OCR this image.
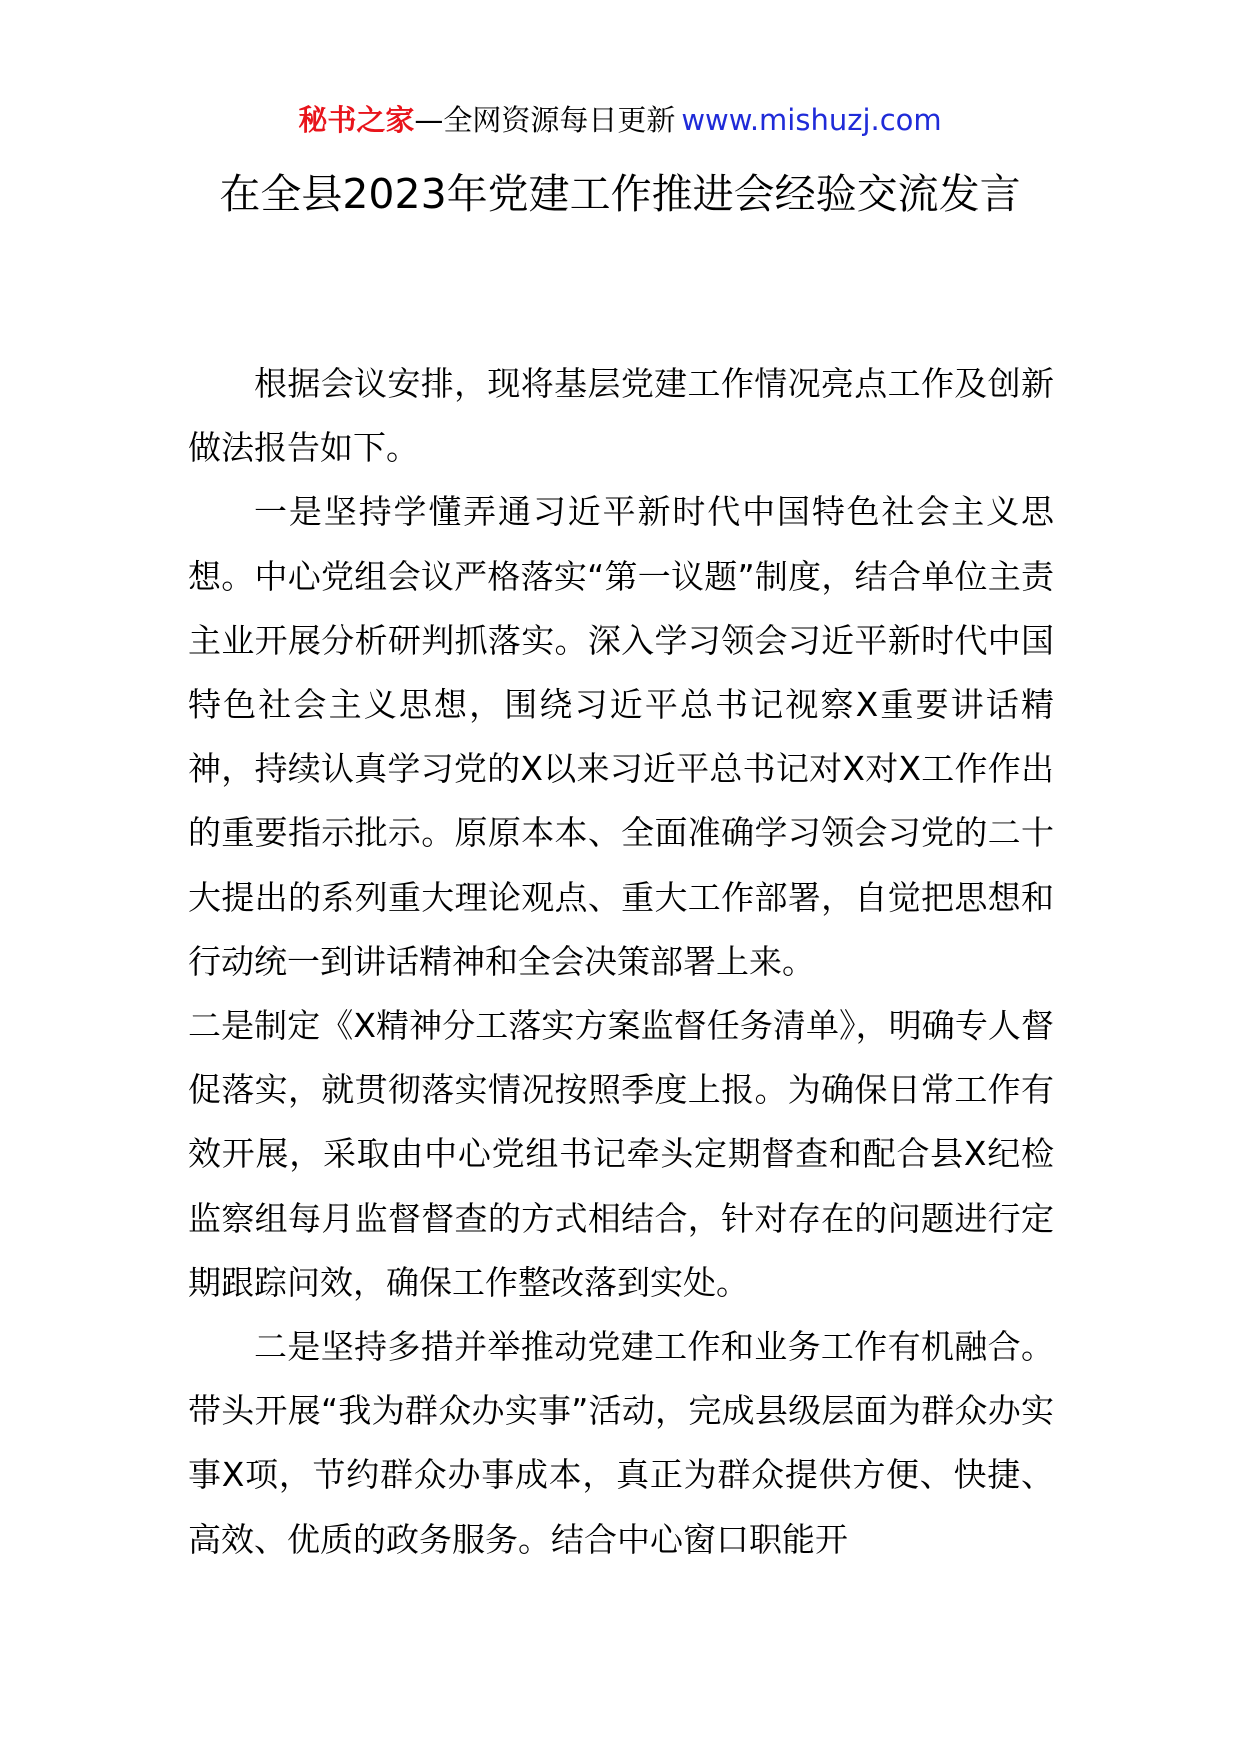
秘书之家—全网资源每日更新 www.mishuzj.com
在全县2023年党建工作推进会经验交流发言

根据会议安排，现将基层党建工作情况亮点工作及创新做法报告如下。

一是坚持学懂弄通习近平新时代中国特色社会主义思想。中心党组会议严格落实“第一议题”制度，结合单位主责主业开展分析研判抓落实。深入学习领会习近平新时代中国特色社会主义思想，围绕习近平总书记视察X重要讲话精神，持续认真学习党的X以来习近平总书记对X对X工作作出的重要指示批示。原原本本、全面准确学习领会习党的二十大提出的系列重大理论观点、重大工作部署，自觉把思想和行动统一到讲话精神和全会决策部署上来。

二是制定《X精神分工落实方案监督任务清单》，明确专人督促落实，就贯彻落实情况按照季度上报。为确保日常工作有效开展，采取由中心党组书记牵头定期督查和配合县X纪检监察组每月监督督查的方式相结合，针对存在的问题进行定期跟踪问效，确保工作整改落到实处。

二是坚持多措并举推动党建工作和业务工作有机融合。带头开展“我为群众办实事”活动，完成县级层面为群众办实事X项，节约群众办事成本，真正为群众提供方便、快捷、高效、优质的政务服务。结合中心窗口职能开
